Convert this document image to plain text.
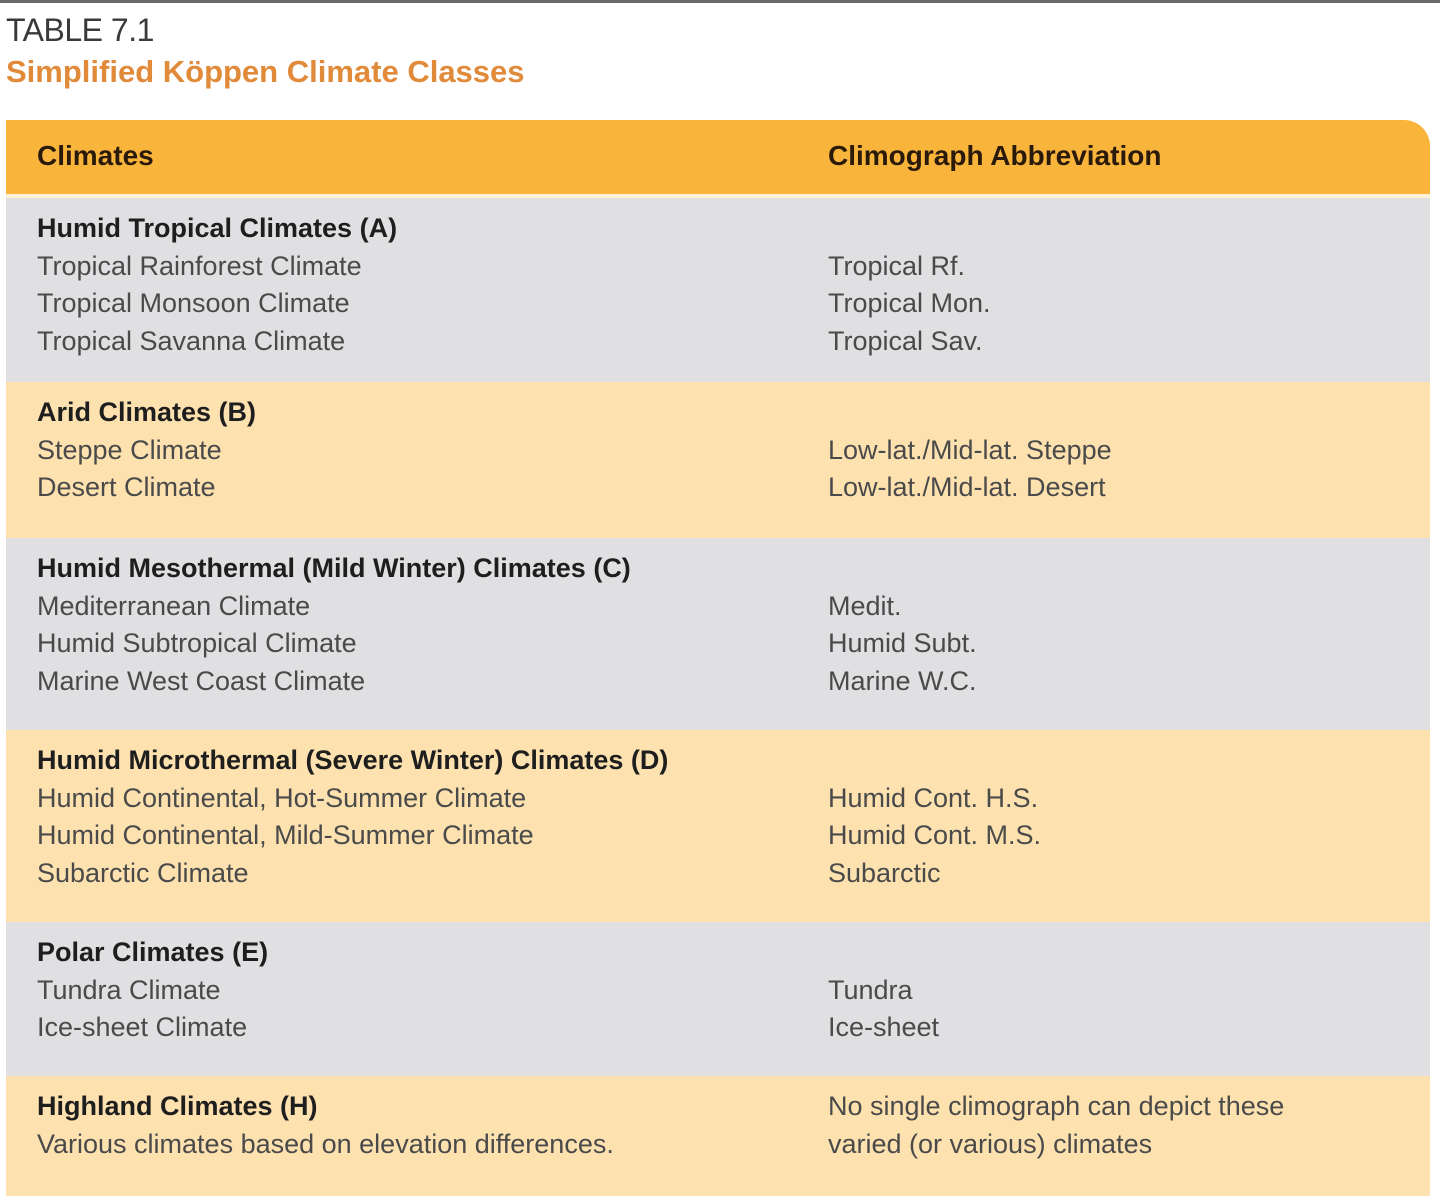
TABLE 7.1
Simplified Köppen Climate Classes
Climates	Climograph Abbreviation
Humid Tropical Climates (A)
Tropical Rainforest Climate	Tropical Rf.
Tropical Monsoon Climate	Tropical Mon.
Tropical Savanna Climate	Tropical Sav.
Arid Climates (B)
Steppe Climate	Low-lat./Mid-lat. Steppe
Desert Climate	Low-lat./Mid-lat. Desert
Humid Mesothermal (Mild Winter) Climates (C)
Mediterranean Climate	Medit.
Humid Subtropical Climate	Humid Subt.
Marine West Coast Climate	Marine W.C.
Humid Microthermal (Severe Winter) Climates (D)
Humid Continental, Hot-Summer Climate	Humid Cont. H.S.
Humid Continental, Mild-Summer Climate	Humid Cont. M.S.
Subarctic Climate	Subarctic
Polar Climates (E)
Tundra Climate	Tundra
Ice-sheet Climate	Ice-sheet
Highland Climates (H)	No single climograph can depict these
Various climates based on elevation differences.	varied (or various) climates
